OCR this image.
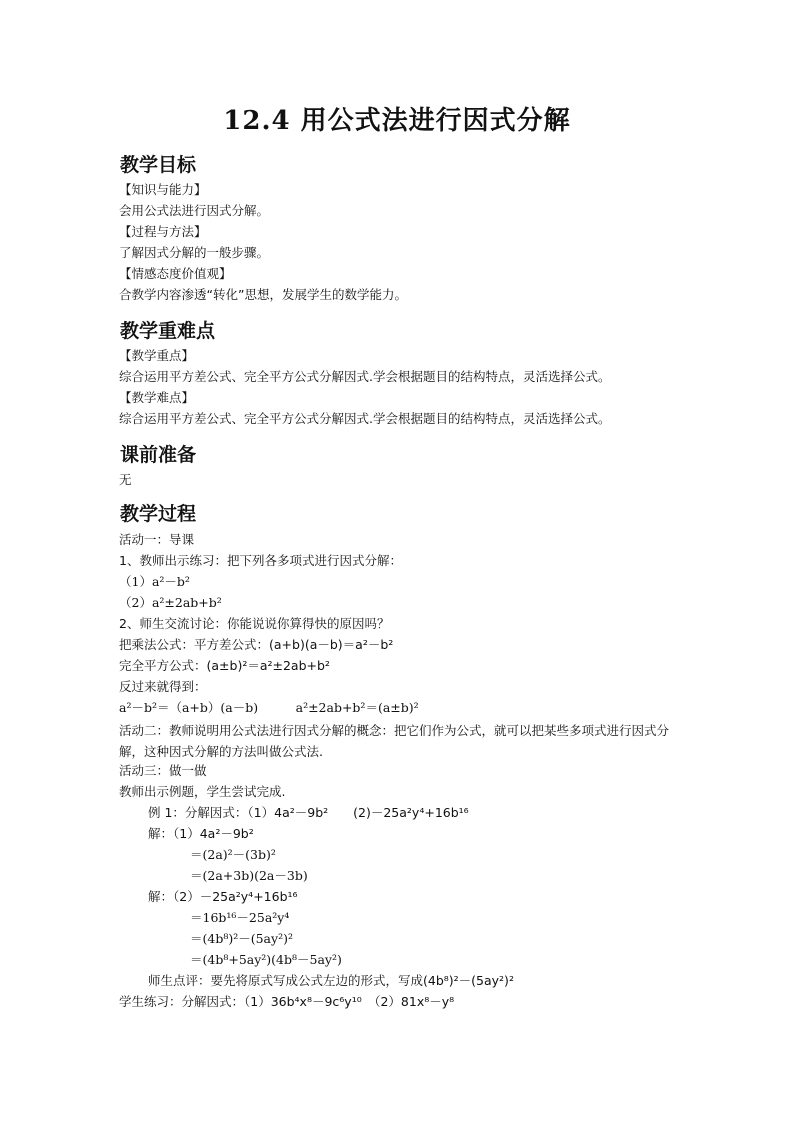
12.4 用公式法进行因式分解
教学目标
【知识与能力】
会用公式法进行因式分解。
【过程与方法】
了解因式分解的一般步骤。
【情感态度价值观】
合教学内容渗透“转化”思想，发展学生的数学能力。
教学重难点
【教学重点】
综合运用平方差公式、完全平方公式分解因式.学会根据题目的结构特点，灵活选择公式。
【教学难点】
综合运用平方差公式、完全平方公式分解因式.学会根据题目的结构特点，灵活选择公式。
课前准备
无
教学过程
活动一：导课
1、教师出示练习：把下列各多项式进行因式分解：
（1）a²－b²
（2）a²±2ab+b²
2、师生交流讨论：你能说说你算得快的原因吗？
把乘法公式：平方差公式：(a+b)(a－b)＝a²－b²
完全平方公式：(a±b)²＝a²±2ab+b²
反过来就得到：
a²－b²＝（a+b）(a－b)　　　a²±2ab+b²＝(a±b)²
活动二：教师说明用公式法进行因式分解的概念：把它们作为公式，就可以把某些多项式进行因式分解，这种因式分解的方法叫做公式法.
活动三：做一做
教师出示例题，学生尝试完成.
例 1：分解因式：（1）4a²－9b²　　(2)－25a²y⁴+16b¹⁶
解：（1）4a²－9b²
＝(2a)²－(3b)²
＝(2a+3b)(2a－3b)
解：（2）－25a²y⁴+16b¹⁶
＝16b¹⁶－25a²y⁴
＝(4b⁸)²－(5ay²)²
＝(4b⁸+5ay²)(4b⁸－5ay²)
师生点评：要先将原式写成公式左边的形式，写成(4b⁸)²－(5ay²)²
学生练习：分解因式：（1）36b⁴x⁸－9c⁶y¹⁰　（2）81x⁸－y⁸
